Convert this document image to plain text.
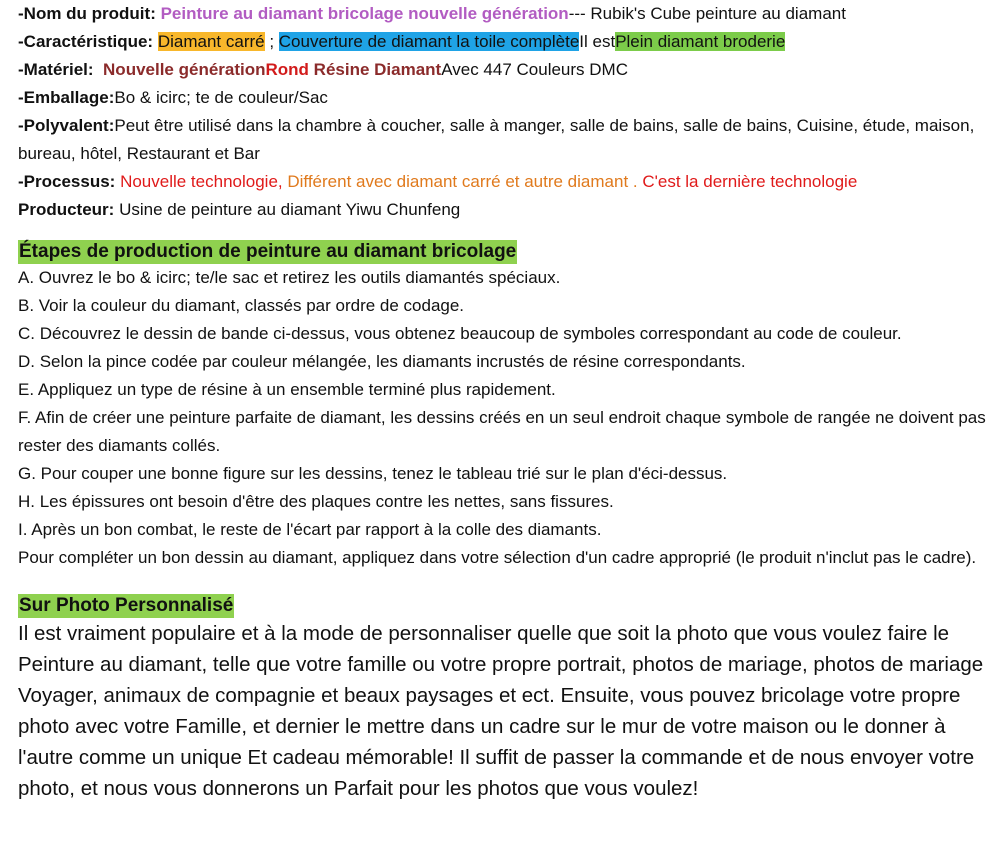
-Nom du produit: Peinture au diamant bricolage nouvelle génération--- Rubik's Cube peinture au diamant
-Caractéristique: Diamant carré ; Couverture de diamant la toile complèteIl estPlein diamant broderie
-Matériel: Nouvelle générationRond Résine DiamantAvec 447 Couleurs DMC
-Emballage:Bo & icirc; te de couleur/Sac
-Polyvalent:Peut être utilisé dans la chambre à coucher, salle à manger, salle de bains, salle de bains, Cuisine, étude, maison, bureau, hôtel, Restaurant et Bar
-Processus: Nouvelle technologie, Différent avec diamant carré et autre diamant . C'est la dernière technologie
Producteur: Usine de peinture au diamant Yiwu Chunfeng
Étapes de production de peinture au diamant bricolage
A. Ouvrez le bo & icirc; te/le sac et retirez les outils diamantés spéciaux.
B. Voir la couleur du diamant, classés par ordre de codage.
C. Découvrez le dessin de bande ci-dessus, vous obtenez beaucoup de symboles correspondant au code de couleur.
D. Selon la pince codée par couleur mélangée, les diamants incrustés de résine correspondants.
E. Appliquez un type de résine à un ensemble terminé plus rapidement.
F. Afin de créer une peinture parfaite de diamant, les dessins créés en un seul endroit chaque symbole de rangée ne doivent pas rester des diamants collés.
G. Pour couper une bonne figure sur les dessins, tenez le tableau trié sur le plan d'éci-dessus.
H. Les épissures ont besoin d'être des plaques contre les nettes, sans fissures.
I. Après un bon combat, le reste de l'écart par rapport à la colle des diamants.
Pour compléter un bon dessin au diamant, appliquez dans votre sélection d'un cadre approprié (le produit n'inclut pas le cadre).
Sur Photo Personnalisé
Il est vraiment populaire et à la mode de personnaliser quelle que soit la photo que vous voulez faire le Peinture au diamant, telle que votre famille ou votre propre portrait, photos de mariage, photos de mariage Voyager, animaux de compagnie et beaux paysages et ect. Ensuite, vous pouvez bricolage votre propre photo avec votre Famille, et dernier le mettre dans un cadre sur le mur de votre maison ou le donner à l'autre comme un unique Et cadeau mémorable! Il suffit de passer la commande et de nous envoyer votre photo, et nous vous donnerons un Parfait pour les photos que vous voulez!
